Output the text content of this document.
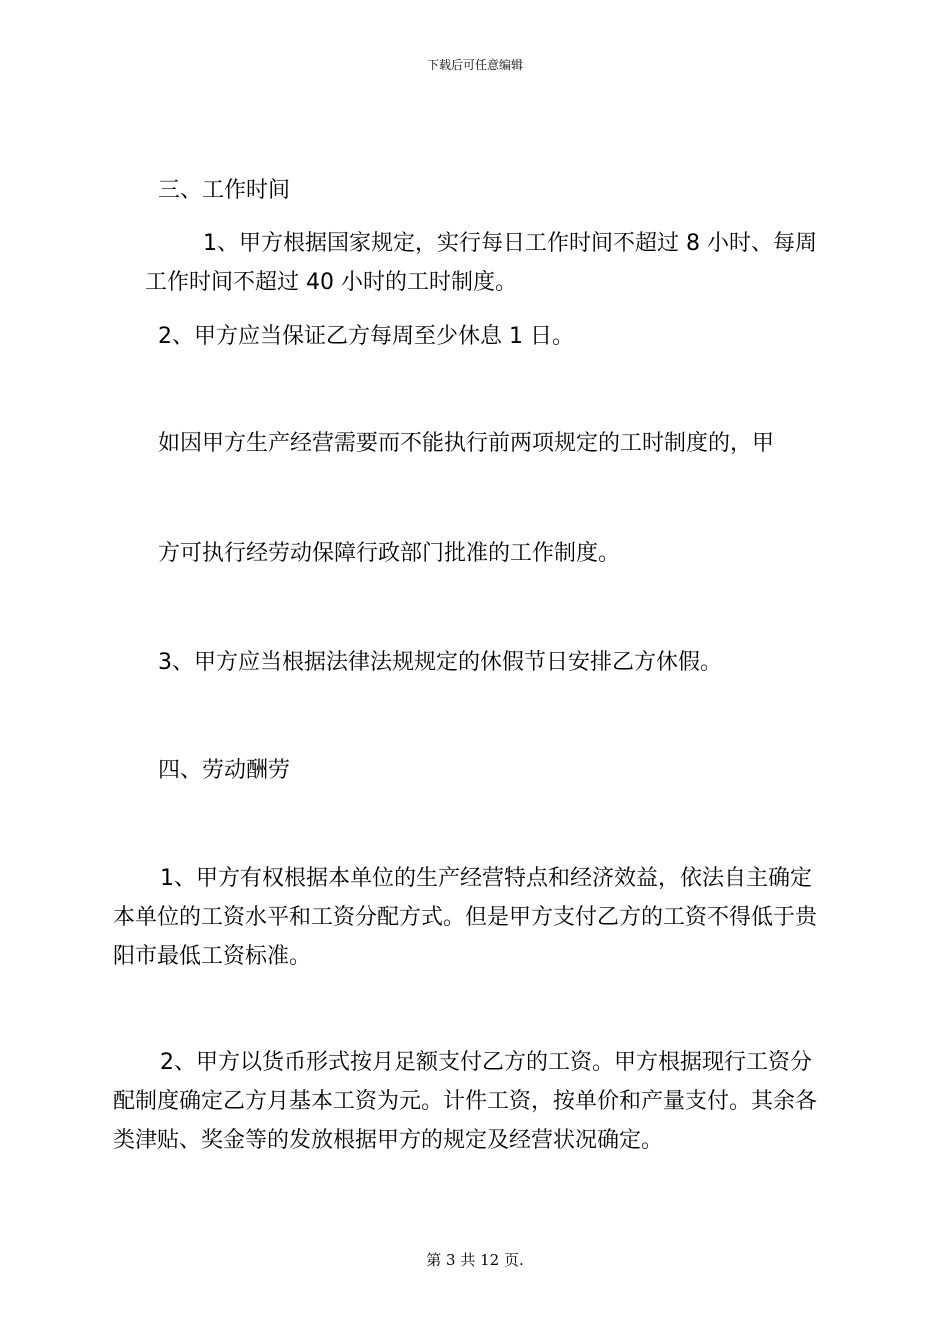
下载后可任意编辑

三、工作时间

1、甲方根据国家规定，实行每日工作时间不超过 8 小时、每周

工作时间不超过 40 小时的工时制度。

2、甲方应当保证乙方每周至少休息 1 日。

如因甲方生产经营需要而不能执行前两项规定的工时制度的，甲

方可执行经劳动保障行政部门批准的工作制度。

3、甲方应当根据法律法规规定的休假节日安排乙方休假。

四、劳动酬劳

1、甲方有权根据本单位的生产经营特点和经济效益，依法自主确定

本单位的工资水平和工资分配方式。但是甲方支付乙方的工资不得低于贵

阳市最低工资标准。

2、甲方以货币形式按月足额支付乙方的工资。甲方根据现行工资分

配制度确定乙方月基本工资为元。计件工资，按单价和产量支付。其余各

类津贴、奖金等的发放根据甲方的规定及经营状况确定。

第 3 共 12 页.
